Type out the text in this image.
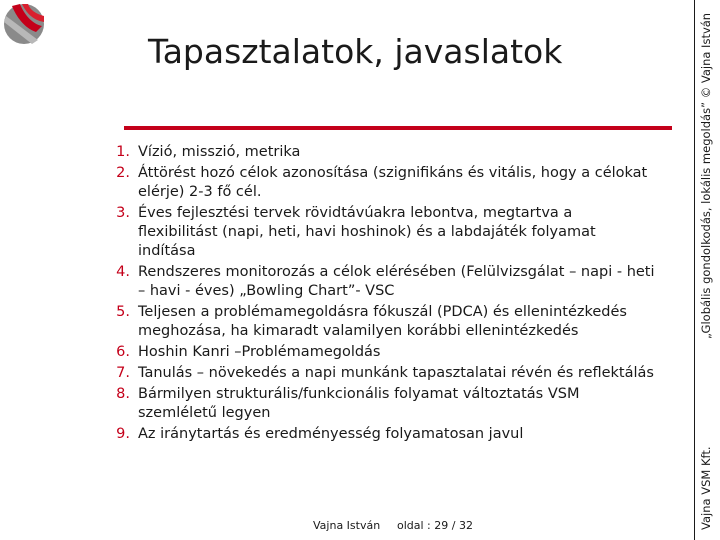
Tapasztalatok, javaslatok	„Globális gondolkodás, lokális megoldás” © Vajna István
Vajna VSM Kft.
1. Vízió, misszió, metrika
2. Áttörést hozó célok azonosítása (szignifikáns és vitális, hogy a célokat elérje) 2-3 fő cél.
3. Éves fejlesztési tervek rövidtávúakra lebontva, megtartva a flexibilitást (napi, heti, havi hoshinok) és a labdajáték folyamat indítása
4. Rendszeres monitorozás a célok elérésében (Felülvizsgálat – napi - heti – havi - éves) „Bowling Chart”- VSC
5. Teljesen a problémamegoldásra fókuszál (PDCA) és ellenintézkedés meghozása, ha kimaradt valamilyen korábbi ellenintézkedés
6. Hoshin Kanri –Problémamegoldás
7. Tanulás – növekedés a napi munkánk tapasztalatai révén és reflektálás
8. Bármilyen strukturális/funkcionális folyamat változtatás VSM szemléletű legyen
9. Az iránytartás és eredményesség folyamatosan javul
Vajna István oldal : 29 / 32
